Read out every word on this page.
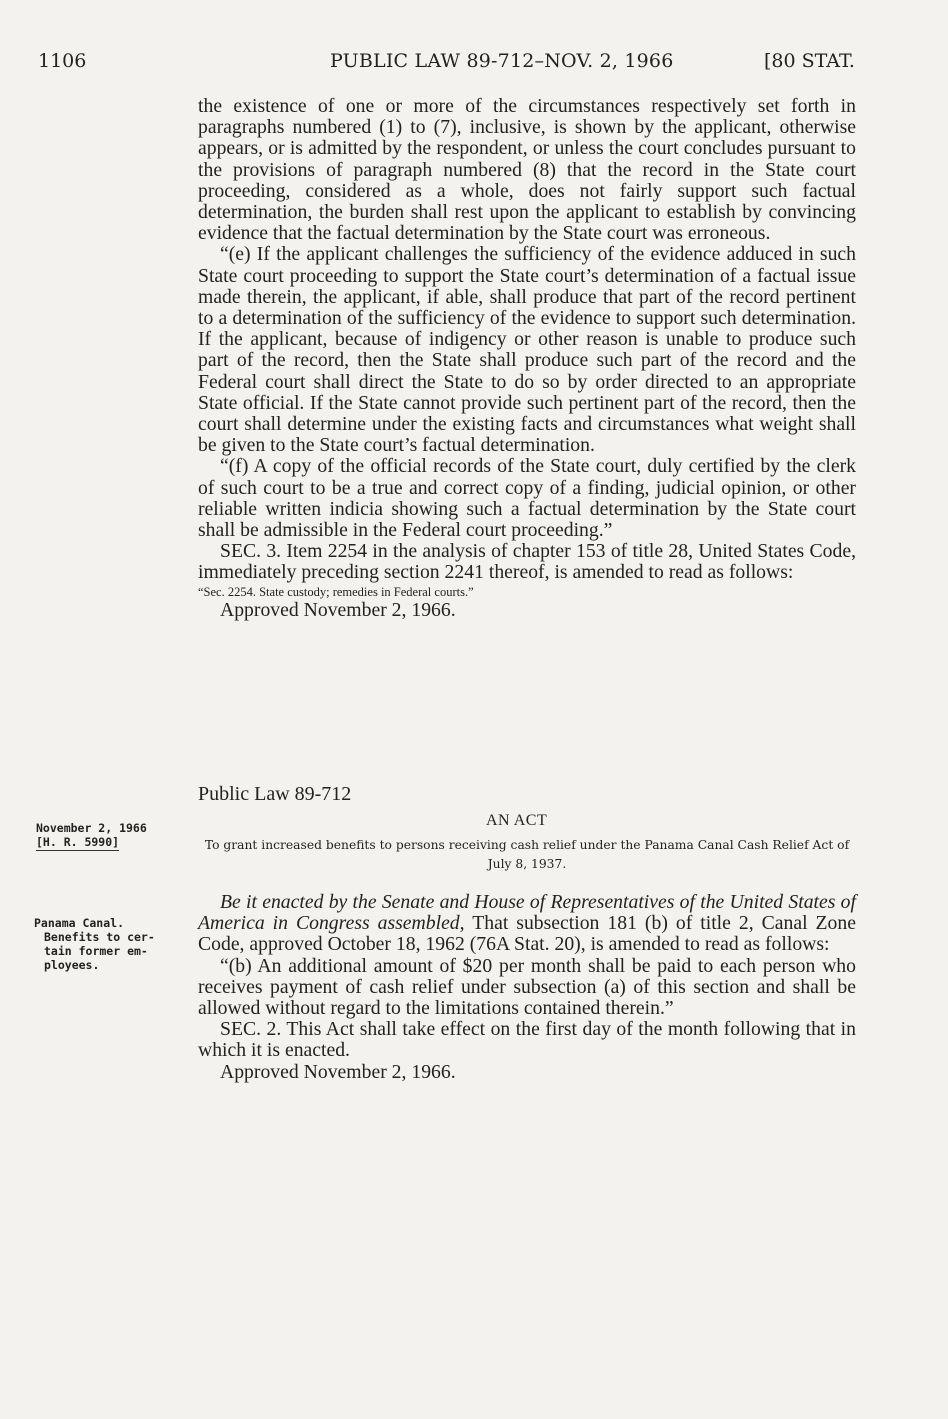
1106	PUBLIC LAW 89-712–NOV. 2, 1966	[80 STAT.

the existence of one or more of the circumstances respectively set forth in paragraphs numbered (1) to (7), inclusive, is shown by the applicant, otherwise appears, or is admitted by the respondent, or unless the court concludes pursuant to the provisions of paragraph numbered (8) that the record in the State court proceeding, considered as a whole, does not fairly support such factual determination, the burden shall rest upon the applicant to establish by convincing evidence that the factual determination by the State court was erroneous.

“(e) If the applicant challenges the sufficiency of the evidence adduced in such State court proceeding to support the State court’s determination of a factual issue made therein, the applicant, if able, shall produce that part of the record pertinent to a determination of the sufficiency of the evidence to support such determination. If the applicant, because of indigency or other reason is unable to produce such part of the record, then the State shall produce such part of the record and the Federal court shall direct the State to do so by order directed to an appropriate State official. If the State cannot provide such pertinent part of the record, then the court shall determine under the existing facts and circumstances what weight shall be given to the State court’s factual determination.

“(f) A copy of the official records of the State court, duly certified by the clerk of such court to be a true and correct copy of a finding, judicial opinion, or other reliable written indicia showing such a factual determination by the State court shall be admissible in the Federal court proceeding.”

SEC. 3. Item 2254 in the analysis of chapter 153 of title 28, United States Code, immediately preceding section 2241 thereof, is amended to read as follows:

“Sec. 2254. State custody; remedies in Federal courts.”

Approved November 2, 1966.

Public Law 89-712
AN ACT
To grant increased benefits to persons receiving cash relief under the Panama Canal Cash Relief Act of July 8, 1937.
November 2, 1966
[H. R. 5990]
Panama Canal.
Benefits to cer-
tain former em-
ployees.

Be it enacted by the Senate and House of Representatives of the United States of America in Congress assembled, That subsection 181 (b) of title 2, Canal Zone Code, approved October 18, 1962 (76A Stat. 20), is amended to read as follows:

“(b) An additional amount of $20 per month shall be paid to each person who receives payment of cash relief under subsection (a) of this section and shall be allowed without regard to the limitations contained therein.”

SEC. 2. This Act shall take effect on the first day of the month following that in which it is enacted.

Approved November 2, 1966.
